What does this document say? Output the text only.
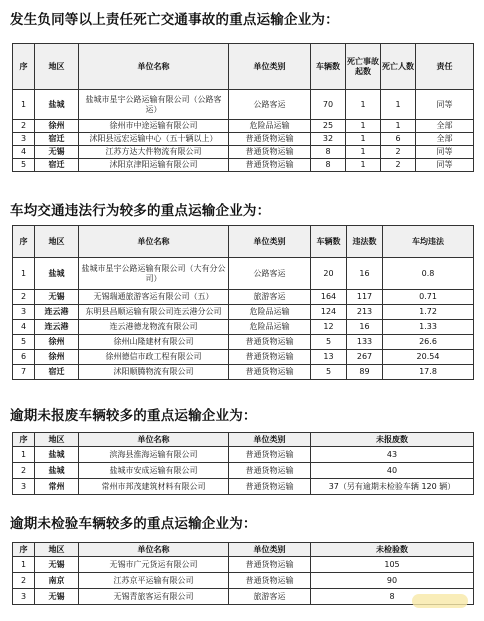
发生负同等以上责任死亡交通事故的重点运输企业为：
序	地区	单位名称	单位类别	车辆数	死亡事故起数	死亡人数	责任
1	盐城	盐城市星宇公路运输有限公司（公路客运）	公路客运	70	1	1	同等
2	徐州	徐州市中途运输有限公司	危险品运输	25	1	1	全部
3	宿迁	沭阳县远宏运输中心（五十辆以上）	普通货物运输	32	1	6	全部
4	无锡	江苏方达大件物流有限公司	普通货物运输	8	1	2	同等
5	宿迁	沭阳京津阳运输有限公司	普通货物运输	8	1	2	同等
车均交通违法行为较多的重点运输企业为：
序	地区	单位名称	单位类别	车辆数	违法数	车均违法
1	盐城	盐城市星宇公路运输有限公司（大有分公司）	公路客运	20	16	0.8
2	无锡	无锡瑞通旅游客运有限公司（五）	旅游客运	164	117	0.71
3	连云港	东明县昌顺运输有限公司连云港分公司	危险品运输	124	213	1.72
4	连云港	连云港德龙物流有限公司	危险品运输	12	16	1.33
5	徐州	徐州山隆建材有限公司	普通货物运输	5	133	26.6
6	徐州	徐州德信市政工程有限公司	普通货物运输	13	267	20.54
7	宿迁	沭阳顺腾物流有限公司	普通货物运输	5	89	17.8
逾期未报废车辆较多的重点运输企业为：
序	地区	单位名称	单位类别	未报废数
1	盐城	滨海县淮海运输有限公司	普通货物运输	43
2	盐城	盐城市安成运输有限公司	普通货物运输	40
3	常州	常州市邦茂建筑材料有限公司	普通货物运输	37（另有逾期未检验车辆 120 辆）
逾期未检验车辆较多的重点运输企业为：
序	地区	单位名称	单位类别	未检验数
1	无锡	无锡市广元货运有限公司	普通货物运输	105
2	南京	江苏京平运输有限公司	普通货物运输	90
3	无锡	无锡青旅客运有限公司	旅游客运	8
